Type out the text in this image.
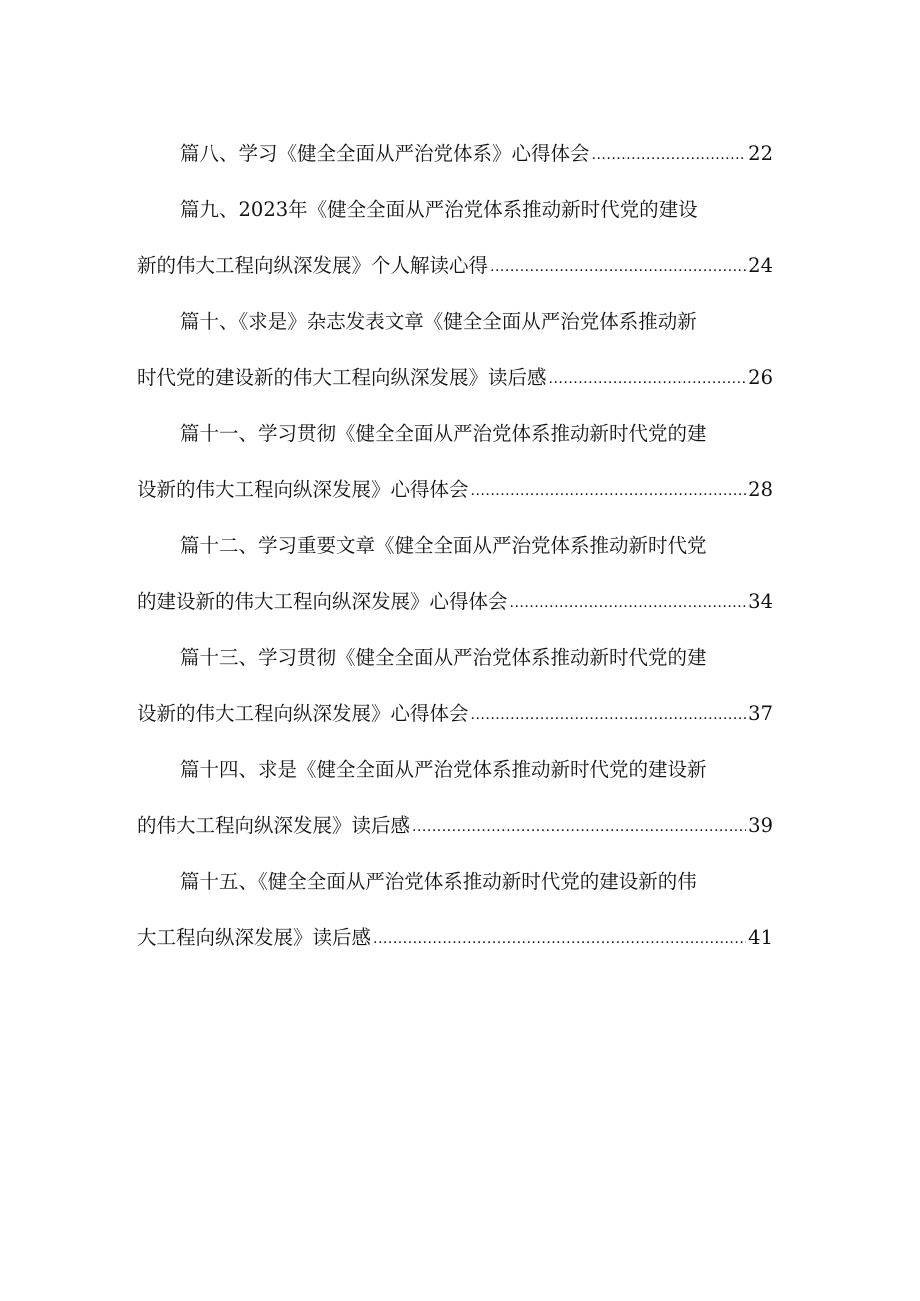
篇八、学习《健全全面从严治党体系》心得体会 .....	22
篇九、2023年《健全全面从严治党体系推动新时代党的建设
新的伟大工程向纵深发展》个人解读心得 .....	24
篇十、《求是》杂志发表文章《健全全面从严治党体系推动新
时代党的建设新的伟大工程向纵深发展》读后感 .....	26
篇十一、学习贯彻《健全全面从严治党体系推动新时代党的建
设新的伟大工程向纵深发展》心得体会 .....	28
篇十二、学习重要文章《健全全面从严治党体系推动新时代党
的建设新的伟大工程向纵深发展》心得体会 .....	34
篇十三、学习贯彻《健全全面从严治党体系推动新时代党的建
设新的伟大工程向纵深发展》心得体会 .....	37
篇十四、求是《健全全面从严治党体系推动新时代党的建设新
的伟大工程向纵深发展》读后感 .....	39
篇十五、《健全全面从严治党体系推动新时代党的建设新的伟
大工程向纵深发展》读后感 .....	41
